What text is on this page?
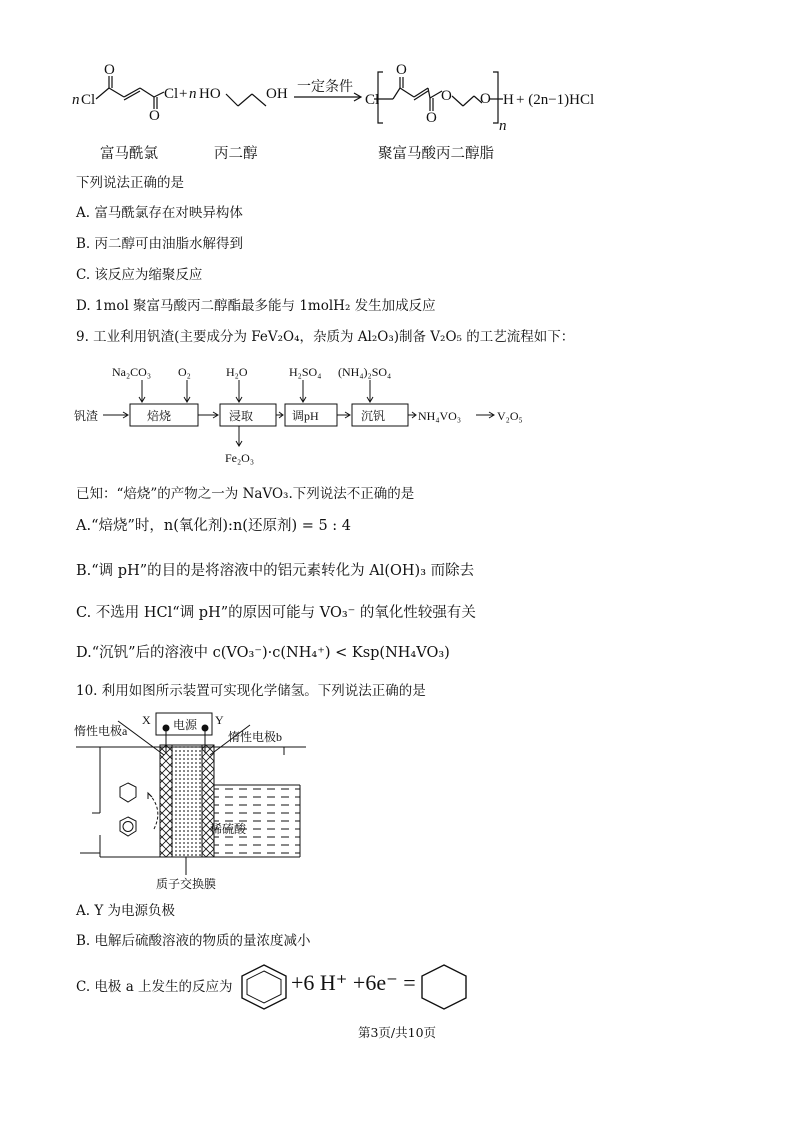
n Cl
O
O
Cl + n HO	OH	Cl
O
O
O O H + (2n−1)HCl
n
一定条件
富马酰氯	丙二醇	聚富马酸丙二醇脂
下列说法正确的是
A. 富马酰氯存在对映异构体
B. 丙二醇可由油脂水解得到
C. 该反应为缩聚反应
D. 1mol 聚富马酸丙二醇酯最多能与 1molH₂ 发生加成反应
9. 工业利用钒渣(主要成分为 FeV₂O₄，杂质为 Al₂O₃)制备 V₂O₅ 的工艺流程如下：
钒渣	焙烧	浸取	调pH	沉钒
Na₂CO₃ O₂	H₂O	H₂SO₄ (NH₄)₂SO₄
Fe₂O₃
NH₄VO₃	V₂O₅
已知：“焙烧”的产物之一为 NaVO₃.下列说法不正确的是
A.“焙烧”时，n(氧化剂):n(还原剂) = 5 : 4
B.“调 pH”的目的是将溶液中的铝元素转化为 Al(OH)₃ 而除去
C. 不选用 HCl“调 pH”的原因可能与 VO₃⁻ 的氧化性较强有关
D.“沉钒”后的溶液中 c(VO₃⁻)·c(NH₄⁺) < Ksp(NH₄VO₃)
10. 利用如图所示装置可实现化学储氢。下列说法正确的是
X	Y
电源
惰性电极a	惰性电极b
稀硫酸
质子交换膜
A. Y 为电源负极
B. 电解后硫酸溶液的物质的量浓度减小
C. 电极 a 上发生的反应为	+6 H⁺ +6e⁻ =
第3页/共10页
